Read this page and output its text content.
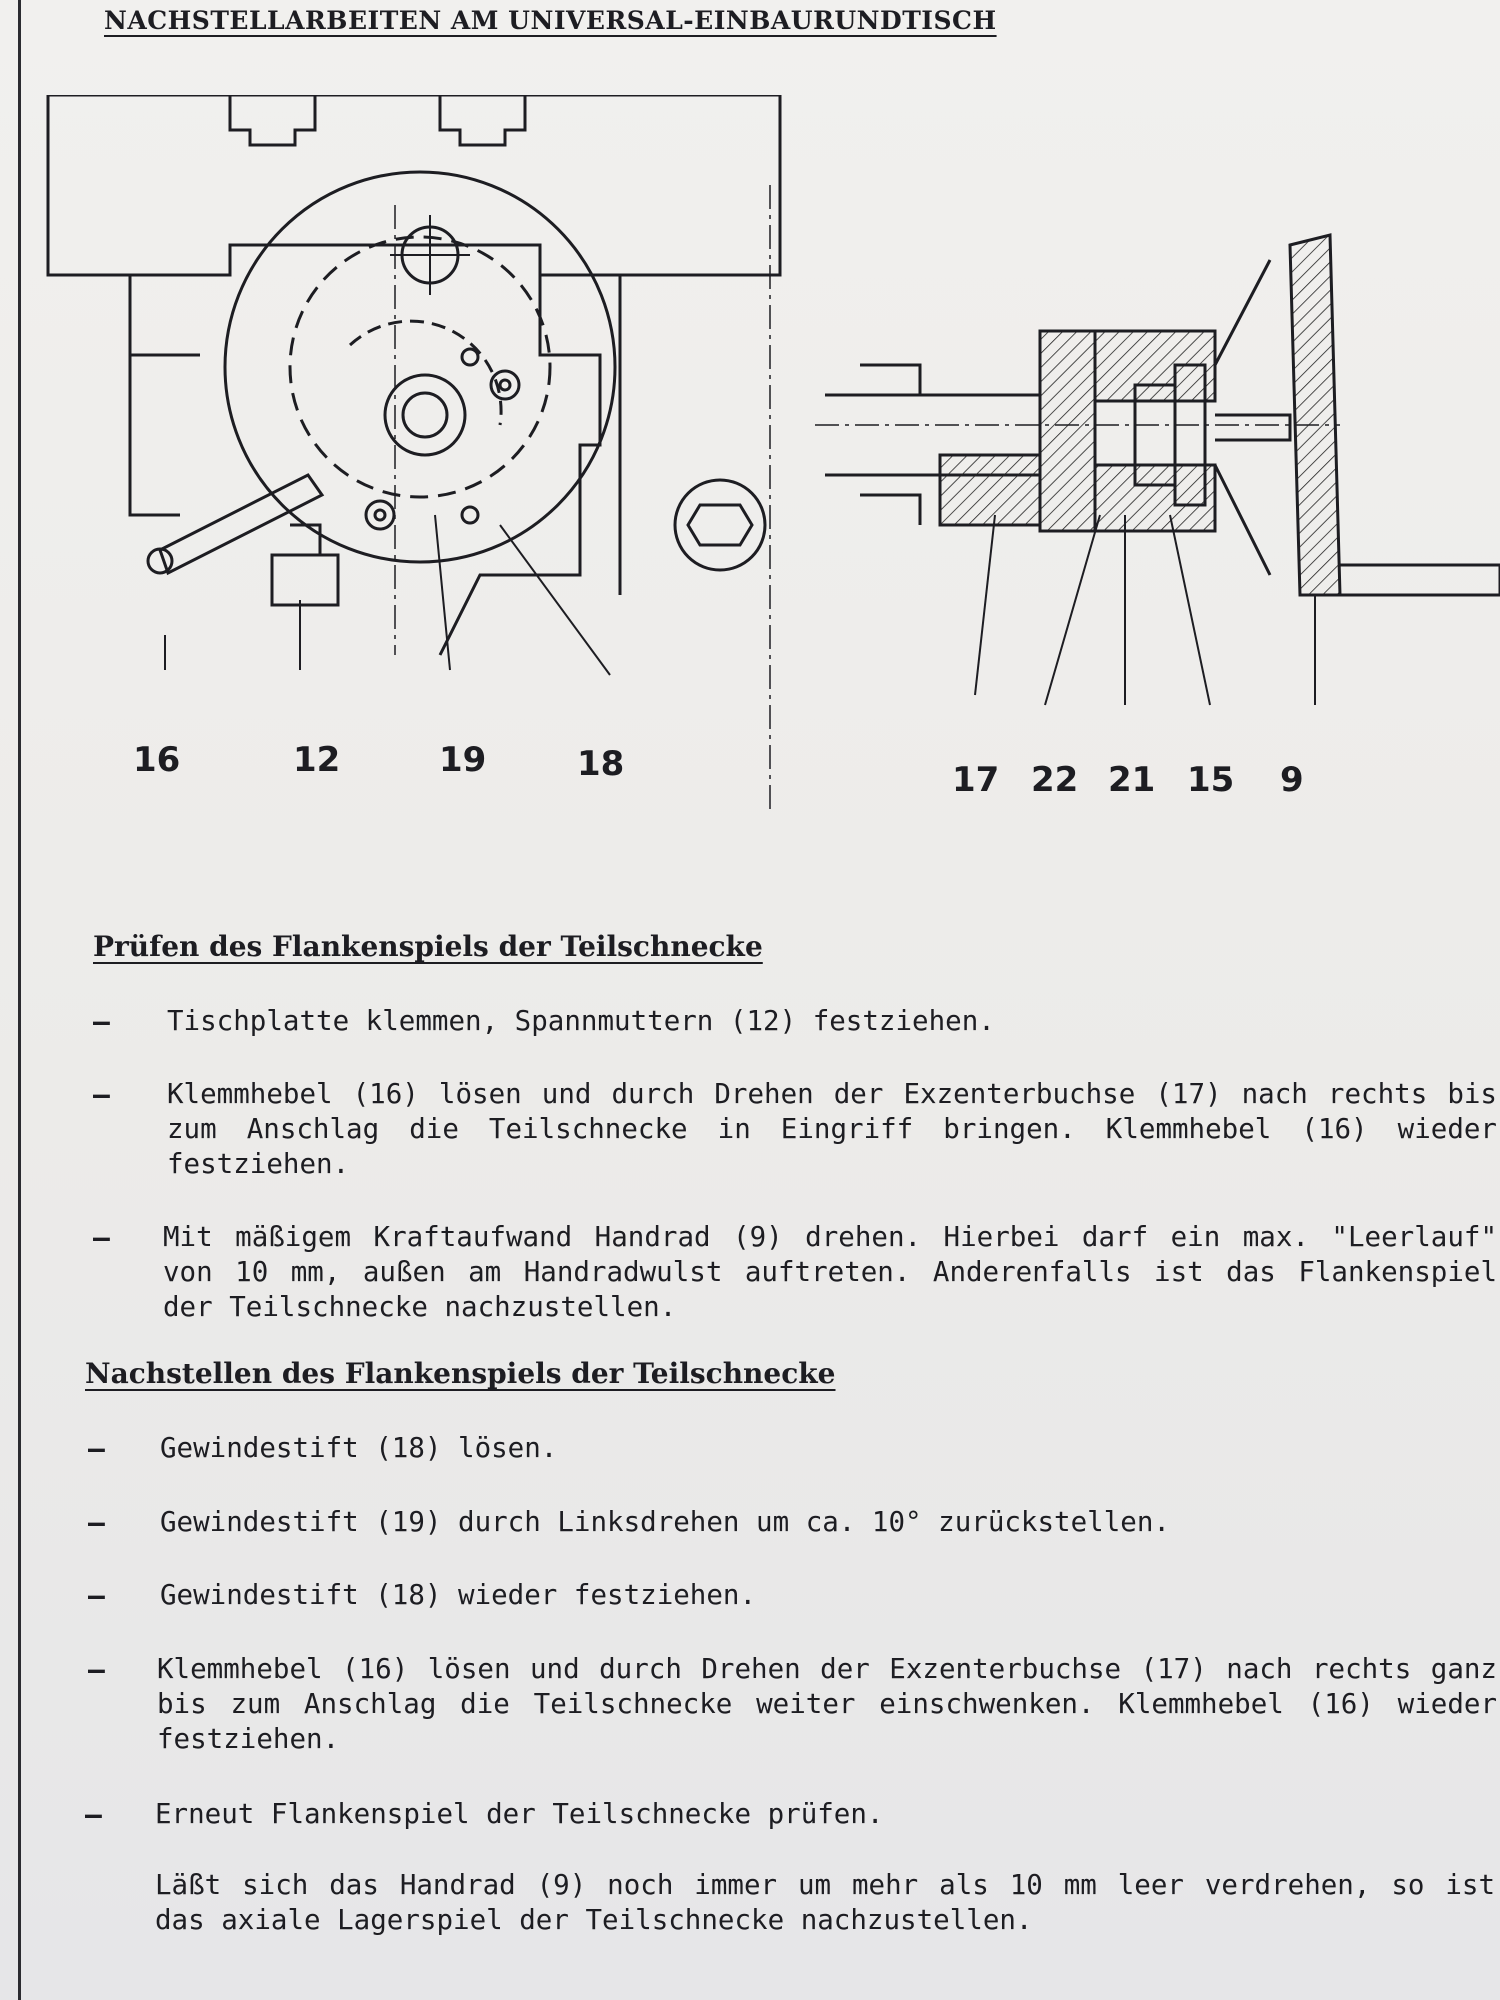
NACHSTELLARBEITEN AM UNIVERSAL-EINBAURUNDTISCH
16	12	19	18	17 22 21 15 9
Prüfen des Flankenspiels der Teilschnecke
– Tischplatte klemmen, Spannmuttern (12) festziehen.
– Klemmhebel (16) lösen und durch Drehen der Exzenterbuchse (17) nach rechts bis zum Anschlag die Teilschnecke in Eingriff bringen. Klemmhebel (16) wieder festziehen.
– Mit mäßigem Kraftaufwand Handrad (9) drehen. Hierbei darf ein max. "Leerlauf" von 10 mm, außen am Handradwulst auftreten. Anderenfalls ist das Flankenspiel der Teilschnecke nachzustellen.
Nachstellen des Flankenspiels der Teilschnecke
– Gewindestift (18) lösen.
– Gewindestift (19) durch Linksdrehen um ca. 10° zurückstellen.
– Gewindestift (18) wieder festziehen.
– Klemmhebel (16) lösen und durch Drehen der Exzenterbuchse (17) nach rechts ganz bis zum Anschlag die Teilschnecke weiter einschwenken. Klemmhebel (16) wieder festziehen.
– Erneut Flankenspiel der Teilschnecke prüfen.
Läßt sich das Handrad (9) noch immer um mehr als 10 mm leer verdrehen, so ist das axiale Lagerspiel der Teilschnecke nachzustellen.
